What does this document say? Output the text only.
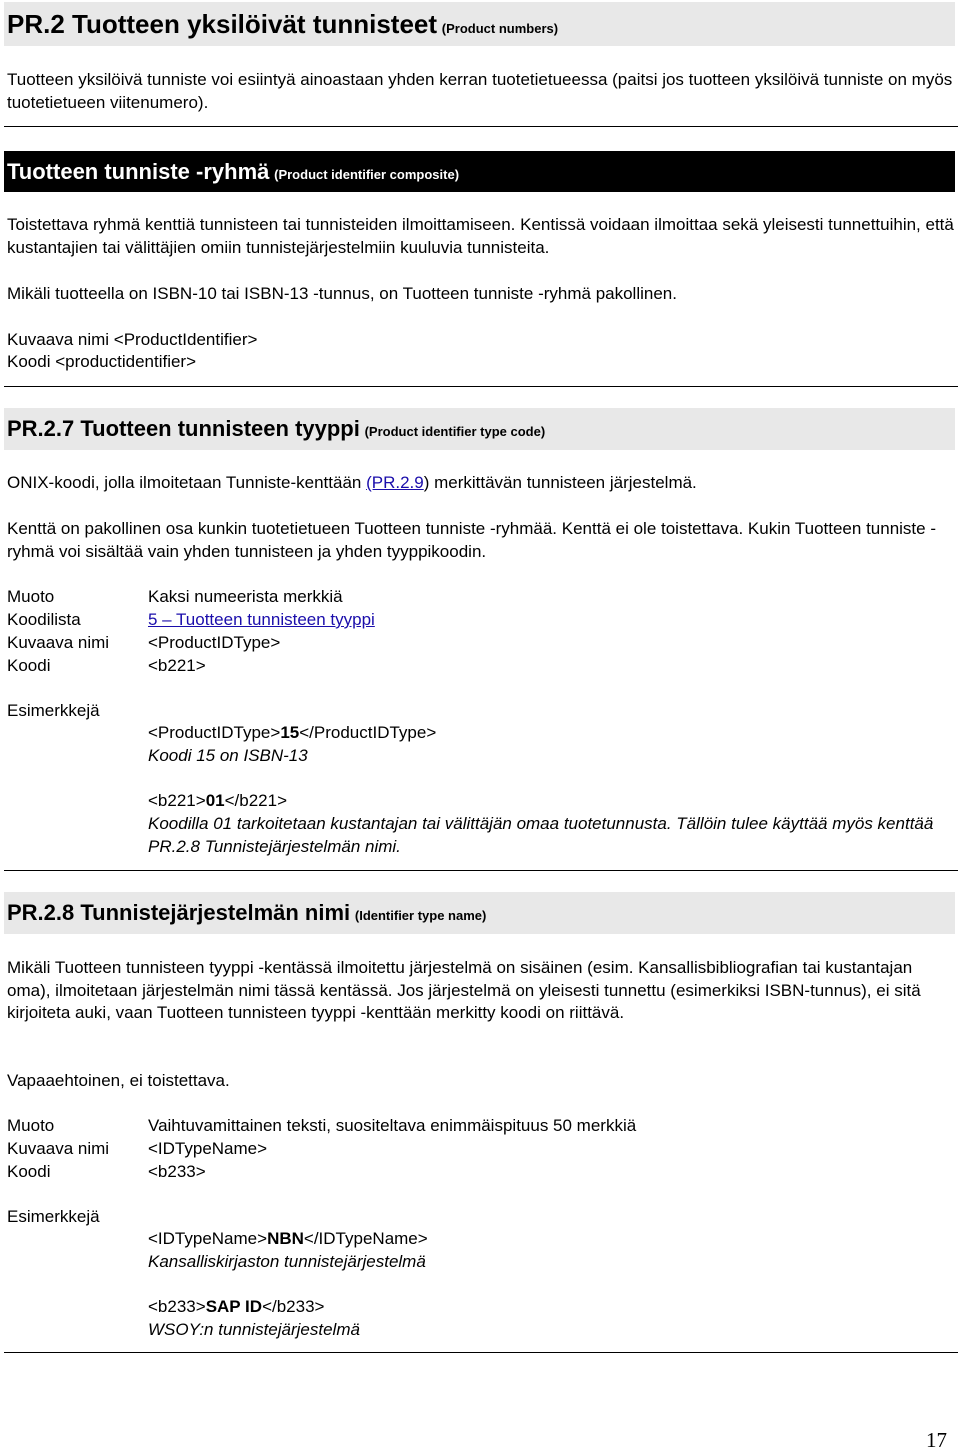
PR.2 Tuotteen yksilöivät tunnisteet (Product numbers)
Tuotteen yksilöivä tunniste voi esiintyä ainoastaan yhden kerran tuotetietueessa (paitsi jos tuotteen yksilöivä tunniste on myös tuotetietueen viitenumero).
Tuotteen tunniste -ryhmä (Product identifier composite)
Toistettava ryhmä kenttiä tunnisteen tai tunnisteiden ilmoittamiseen. Kentissä voidaan ilmoittaa sekä yleisesti tunnettuihin, että kustantajien tai välittäjien omiin tunnistejärjestelmiin kuuluvia tunnisteita.
Mikäli tuotteella on ISBN-10 tai ISBN-13 -tunnus, on Tuotteen tunniste -ryhmä pakollinen.
Kuvaava nimi <ProductIdentifier>
Koodi <productidentifier>
PR.2.7 Tuotteen tunnisteen tyyppi (Product identifier type code)
ONIX-koodi, jolla ilmoitetaan Tunniste-kenttään (PR.2.9) merkittävän tunnisteen järjestelmä.
Kenttä on pakollinen osa kunkin tuotetietueen Tuotteen tunniste -ryhmää. Kenttä ei ole toistettava. Kukin Tuotteen tunniste -ryhmä voi sisältää vain yhden tunnisteen ja yhden tyyppikoodin.
Muoto	Kaksi numeerista merkkiä
Koodilista	5 – Tuotteen tunnisteen tyyppi
Kuvaava nimi <ProductIDType>
Koodi	<b221>
Esimerkkejä
<ProductIDType>15</ProductIDType>
Koodi 15 on ISBN-13
<b221>01</b221>
Koodilla 01 tarkoitetaan kustantajan tai välittäjän omaa tuotetunnusta. Tällöin tulee käyttää myös kenttää PR.2.8 Tunnistejärjestelmän nimi.
PR.2.8 Tunnistejärjestelmän nimi (Identifier type name)
Mikäli Tuotteen tunnisteen tyyppi -kentässä ilmoitettu järjestelmä on sisäinen (esim. Kansallisbibliografian tai kustantajan oma), ilmoitetaan järjestelmän nimi tässä kentässä. Jos järjestelmä on yleisesti tunnettu (esimerkiksi ISBN-tunnus), ei sitä kirjoiteta auki, vaan Tuotteen tunnisteen tyyppi -kenttään merkitty koodi on riittävä.
Vapaaehtoinen, ei toistettava.
Muoto	Vaihtuvamittainen teksti, suositeltava enimmäispituus 50 merkkiä
Kuvaava nimi <IDTypeName>
Koodi	<b233>
Esimerkkejä
<IDTypeName>NBN</IDTypeName>
Kansalliskirjaston tunnistejärjestelmä
<b233>SAP ID</b233>
WSOY:n tunnistejärjestelmä
17
